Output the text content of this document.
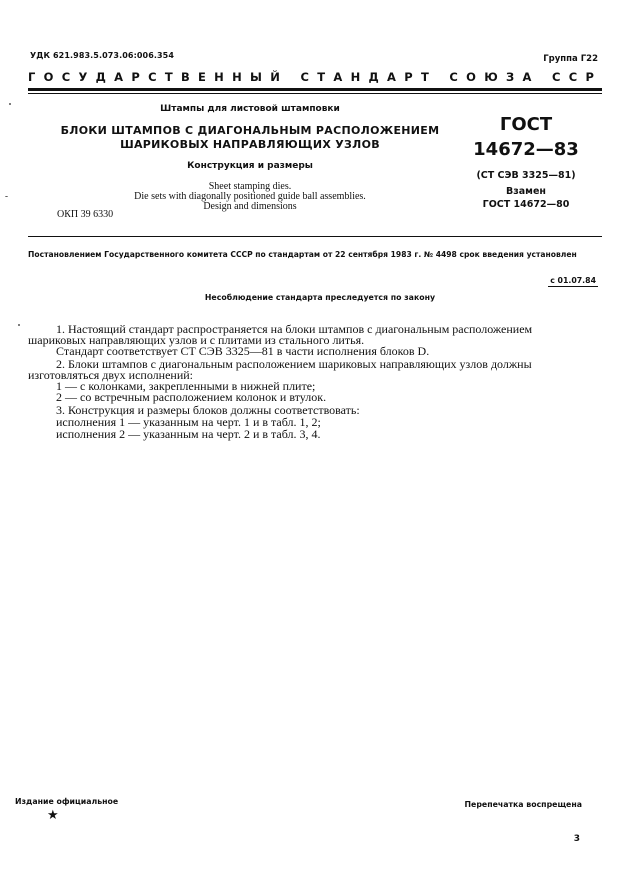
УДК 621.983.5.073.06:006.354	Группа Г22
ГОСУДАРСТВЕННЫЙ СТАНДАРТ СОЮЗА ССР
Штампы для листовой штамповки
БЛОКИ ШТАМПОВ С ДИАГОНАЛЬНЫМ РАСПОЛОЖЕНИЕМ
ШАРИКОВЫХ НАПРАВЛЯЮЩИХ УЗЛОВ
Конструкция и размеры
Sheet stamping dies.
Die sets with diagonally positioned guide ball assemblies.
Design and dimensions
ОКП 39 6330
ГОСТ
14672—83
(СТ СЭВ 3325—81)
Взамен
ГОСТ 14672—80
Постановлением Государственного комитета СССР по стандартам от 22 сентября 1983 г. № 4498 срок введения установлен
с 01.07.84
Несоблюдение стандарта преследуется по закону
1. Настоящий стандарт распространяется на блоки штампов с диагональным расположением
шариковых направляющих узлов и с плитами из стального литья.
Стандарт соответствует СТ СЭВ 3325—81 в части исполнения блоков D.
2. Блоки штампов с диагональным расположением шариковых направляющих узлов должны
изготовляться двух исполнений:
1 — с колонками, закрепленными в нижней плите;
2 — со встречным расположением колонок и втулок.
3. Конструкция и размеры блоков должны соответствовать:
исполнения 1 — указанным на черт. 1 и в табл. 1, 2;
исполнения 2 — указанным на черт. 2 и в табл. 3, 4.
Издание официальное
★
Перепечатка воспрещена
3
